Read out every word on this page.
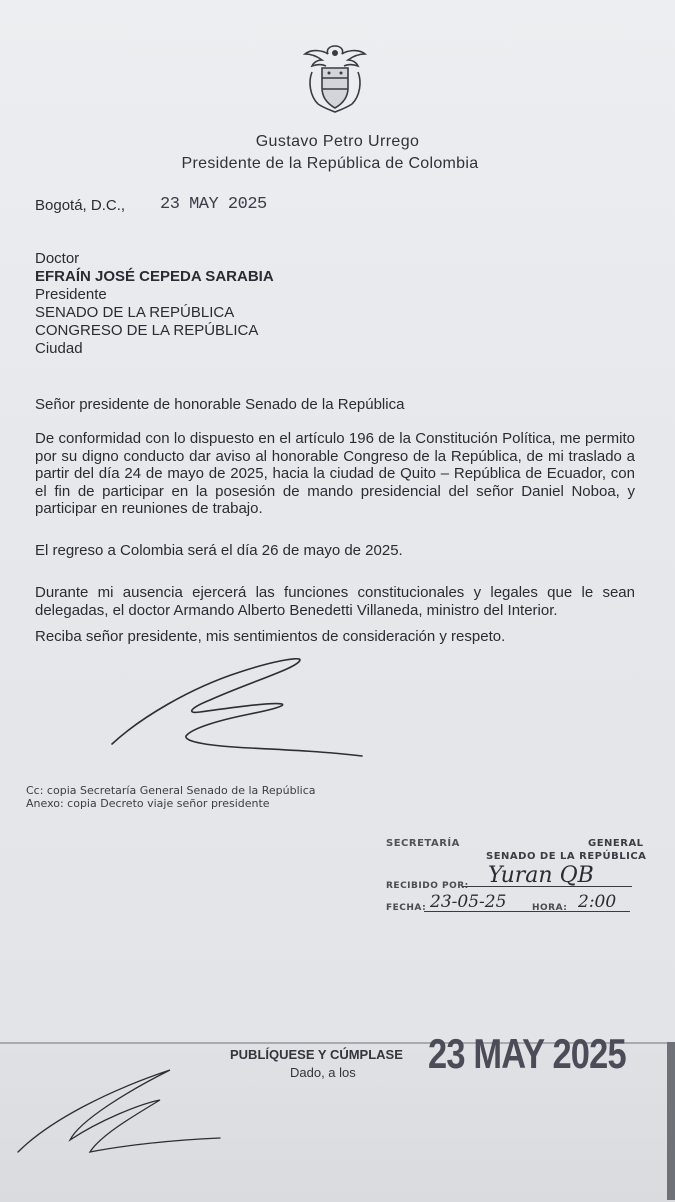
Gustavo Petro Urrego
Presidente de la República de Colombia
Bogotá, D.C., 23 MAY 2025
Doctor
EFRAÍN JOSÉ CEPEDA SARABIA
Presidente
SENADO DE LA REPÚBLICA
CONGRESO DE LA REPÚBLICA
Ciudad
Señor presidente de honorable Senado de la República
De conformidad con lo dispuesto en el artículo 196 de la Constitución Política, me permito por su digno conducto dar aviso al honorable Congreso de la República, de mi traslado a partir del día 24 de mayo de 2025, hacia la ciudad de Quito – República de Ecuador, con el fin de participar en la posesión de mando presidencial del señor Daniel Noboa, y participar en reuniones de trabajo.
El regreso a Colombia será el día 26 de mayo de 2025.
Durante mi ausencia ejercerá las funciones constitucionales y legales que le sean delegadas, el doctor Armando Alberto Benedetti Villaneda, ministro del Interior.
Reciba señor presidente, mis sentimientos de consideración y respeto.
Cc: copia Secretaría General Senado de la República
Anexo: copia Decreto viaje señor presidente
SECRETARÍA	GENERAL
SENADO DE LA REPÚBLICA
RECIBIDO POR: Yuran QB
FECHA: 23-05-25	HORA: 2:00
PUBLÍQUESE Y CÚMPLASE
Dado, a los 23 MAY 2025
